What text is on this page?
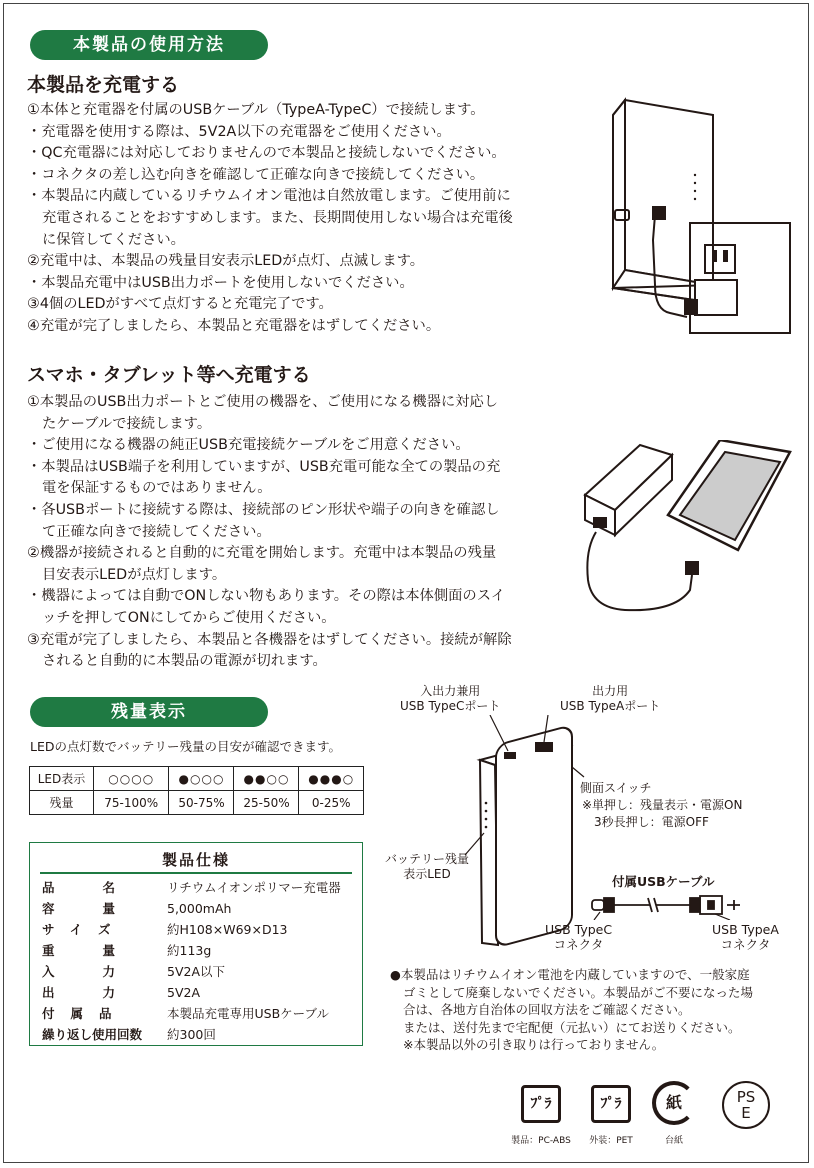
本製品の使用方法
本製品を充電する
①本体と充電器を付属のUSBケーブル（TypeA-TypeC）で接続します。
・充電器を使用する際は、5V2A以下の充電器をご使用ください。
・QC充電器には対応しておりませんので本製品と接続しないでください。
・コネクタの差し込む向きを確認して正確な向きで接続してください。
・本製品に内蔵しているリチウムイオン電池は自然放電します。ご使用前に
充電されることをおすすめします。また、長期間使用しない場合は充電後
に保管してください。
②充電中は、本製品の残量目安表示LEDが点灯、点滅します。
・本製品充電中はUSB出力ポートを使用しないでください。
③4個のLEDがすべて点灯すると充電完了です。
④充電が完了しましたら、本製品と充電器をはずしてください。
スマホ・タブレット等へ充電する
①本製品のUSB出力ポートとご使用の機器を、ご使用になる機器に対応し
たケーブルで接続します。
・ご使用になる機器の純正USB充電接続ケーブルをご用意ください。
・本製品はUSB端子を利用していますが、USB充電可能な全ての製品の充
電を保証するものではありません。
・各USBポートに接続する際は、接続部のピン形状や端子の向きを確認し
て正確な向きで接続してください。
②機器が接続されると自動的に充電を開始します。充電中は本製品の残量
目安表示LEDが点灯します。
・機器によっては自動でONしない物もあります。その際は本体側面のスイ
ッチを押してONにしてからご使用ください。
③充電が完了しましたら、本製品と各機器をはずしてください。接続が解除
されると自動的に本製品の電源が切れます。
残量表示
LEDの点灯数でバッテリー残量の目安が確認できます。
LED表示	○○○○	●○○○	●●○○	●●●○
残量	75-100%	50-75%	25-50%	0-25%
製品仕様
品名 リチウムイオンポリマー充電器
容量 5,000mAh
サイズ	約H108×W69×D13
重量 約113g
入力 5V2A以下
出力 5V2A
付属品	本製品充電専用USBケーブル
繰り返し使用回数	約300回
入出力兼用
USB TypeCポート
出力用
USB TypeAポート
側面スイッチ
※単押し：残量表示・電源ON
3秒長押し：電源OFF
バッテリー残量
表示LED	付属USBケーブル
USB TypeC
コネクタ
USB TypeA
コネクタ
●本製品はリチウムイオン電池を内蔵していますので、一般家庭
ゴミとして廃棄しないでください。本製品がご不要になった場
合は、各地方自治体の回収方法をご確認ください。
または、送付先まで宅配便（元払い）にてお送りください。
※本製品以外の引き取りは行っておりません。
ﾌﾟﾗ
製品：PC-ABS
ﾌﾟﾗ
外装：PET
紙
台紙
PS
E
